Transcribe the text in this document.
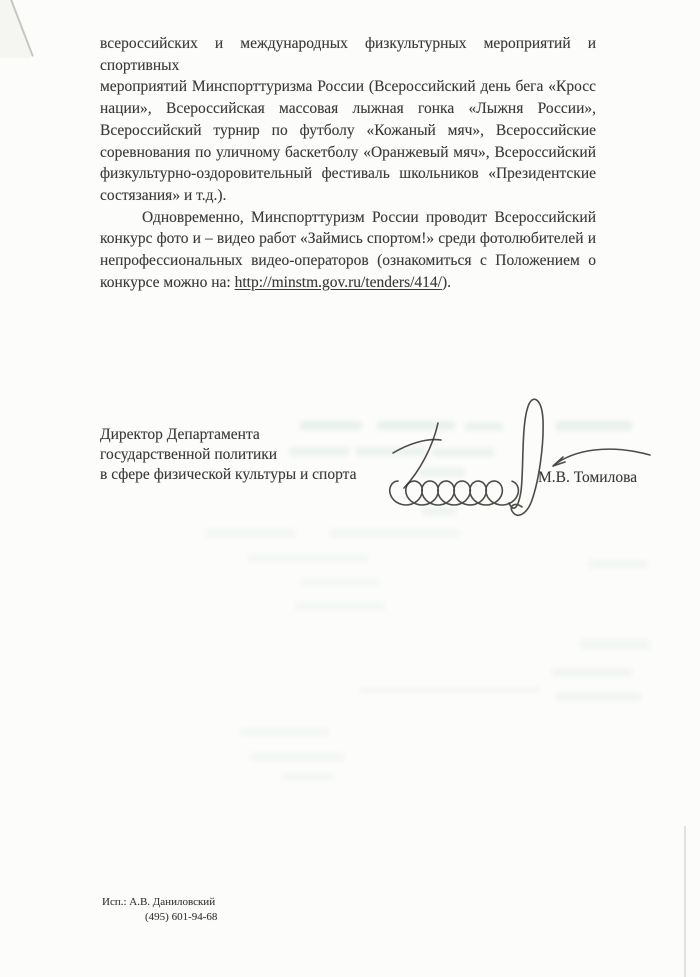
всероссийских и международных физкультурных мероприятий и спортивных
мероприятий Минспорттуризма России (Всероссийский день бега «Кросс
нации», Всероссийская массовая лыжная гонка «Лыжня России»,
Всероссийский турнир по футболу «Кожаный мяч», Всероссийские
соревнования по уличному баскетболу «Оранжевый мяч», Всероссийский
физкультурно-оздоровительный фестиваль школьников «Президентские
состязания» и т.д.).
Одновременно, Минспорттуризм России проводит Всероссийский
конкурс фото и – видео работ «Займись спортом!» среди фотолюбителей и
непрофессиональных видео-операторов (ознакомиться с Положением о
конкурсе можно на: http://minstm.gov.ru/tenders/414/).
Директор Департамента
государственной политики
в сфере физической культуры и спорта	М.В. Томилова
Исп.: А.В. Даниловский
(495) 601-94-68
